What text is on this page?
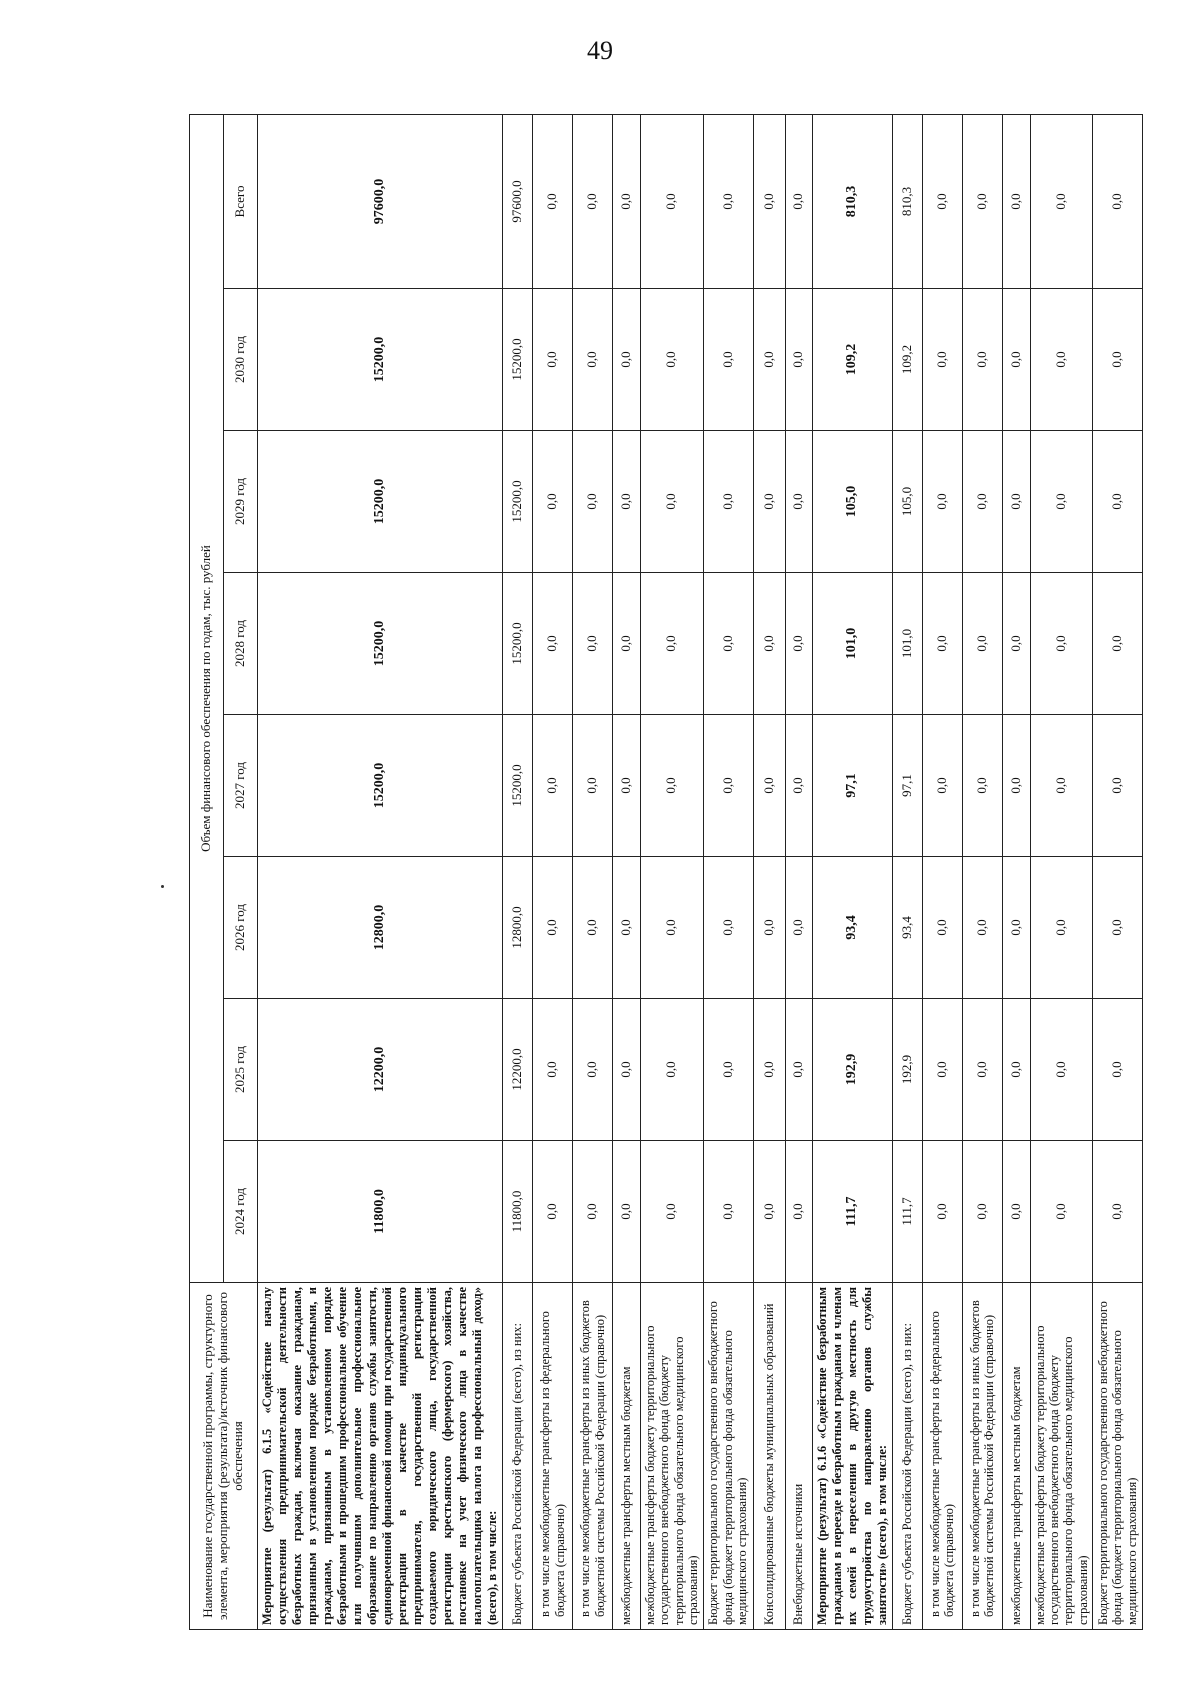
49
Наименование государственной программы, структурного элемента, мероприятия (результата)/источник финансового обеспечения	Объем финансового обеспечения по годам, тыс. рублей							
	2024 год	2025 год	2026 год	2027 год	2028 год	2029 год	2030 год	Всего
Мероприятие (результат) 6.1.5 «Содействие началу осуществления предпринимательской деятельности безработных граждан, включая оказание гражданам, признанным в установленном порядке безработными, и гражданам, признанным в установленном порядке безработными и прошедшим профессиональное обучение или получившим дополнительное профессиональное образование по направлению органов службы занятости, единовременной финансовой помощи при государственной регистрации в качестве индивидуального предпринимателя, государственной регистрации создаваемого юридического лица, государственной регистрации крестьянского (фермерского) хозяйства, постановке на учет физического лица в качестве налогоплательщика налога на профессиональный доход» (всего), в том числе:	11800,0	12200,0	12800,0	15200,0	15200,0	15200,0	15200,0	97600,0
Бюджет субъекта Российской Федерации (всего), из них:	11800,0	12200,0	12800,0	15200,0	15200,0	15200,0	15200,0	97600,0
в том числе межбюджетные трансферты из федерального бюджета (справочно)	0,0	0,0	0,0	0,0	0,0	0,0	0,0	0,0
в том числе межбюджетные трансферты из иных бюджетов бюджетной системы Российской Федерации (справочно)	0,0	0,0	0,0	0,0	0,0	0,0	0,0	0,0
межбюджетные трансферты местным бюджетам	0,0	0,0	0,0	0,0	0,0	0,0	0,0	0,0
межбюджетные трансферты бюджету территориального государственного внебюджетного фонда (бюджету территориального фонда обязательного медицинского страхования)	0,0	0,0	0,0	0,0	0,0	0,0	0,0	0,0
Бюджет территориального государственного внебюджетного фонда (бюджет территориального фонда обязательного медицинского страхования)	0,0	0,0	0,0	0,0	0,0	0,0	0,0	0,0
Консолидированные бюджеты муниципальных образований	0,0	0,0	0,0	0,0	0,0	0,0	0,0	0,0
Внебюджетные источники	0,0	0,0	0,0	0,0	0,0	0,0	0,0	0,0
Мероприятие (результат) 6.1.6 «Содействие безработным гражданам в переезде и безработным гражданам и членам их семей в переселении в другую местность для трудоустройства по направлению органов службы занятости» (всего), в том числе:	111,7	192,9	93,4	97,1	101,0	105,0	109,2	810,3
Бюджет субъекта Российской Федерации (всего), из них:	111,7	192,9	93,4	97,1	101,0	105,0	109,2	810,3
в том числе межбюджетные трансферты из федерального бюджета (справочно)	0,0	0,0	0,0	0,0	0,0	0,0	0,0	0,0
в том числе межбюджетные трансферты из иных бюджетов бюджетной системы Российской Федерации (справочно)	0,0	0,0	0,0	0,0	0,0	0,0	0,0	0,0
межбюджетные трансферты местным бюджетам	0,0	0,0	0,0	0,0	0,0	0,0	0,0	0,0
межбюджетные трансферты бюджету территориального государственного внебюджетного фонда (бюджету территориального фонда обязательного медицинского страхования)	0,0	0,0	0,0	0,0	0,0	0,0	0,0	0,0
Бюджет территориального государственного внебюджетного фонда (бюджет территориального фонда обязательного медицинского страхования)	0,0	0,0	0,0	0,0	0,0	0,0	0,0	0,0
